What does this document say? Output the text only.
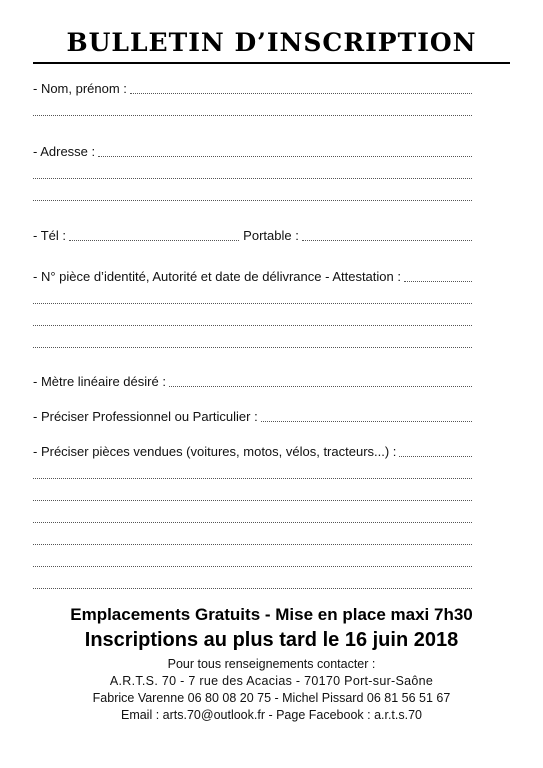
BULLETIN D’INSCRIPTION
- Nom, prénom :
- Adresse :
- Tél :	Portable :
- N° pièce d’identité, Autorité et date de délivrance - Attestation :
- Mètre linéaire désiré :
- Préciser Professionnel ou Particulier :
- Préciser pièces vendues (voitures, motos, vélos, tracteurs...) :
Emplacements Gratuits - Mise en place maxi 7h30
Inscriptions au plus tard le 16 juin 2018
Pour tous renseignements contacter :
A.R.T.S. 70 - 7 rue des Acacias - 70170 Port-sur-Saône
Fabrice Varenne 06 80 08 20 75 - Michel Pissard 06 81 56 51 67
Email : arts.70@outlook.fr - Page Facebook : a.r.t.s.70
